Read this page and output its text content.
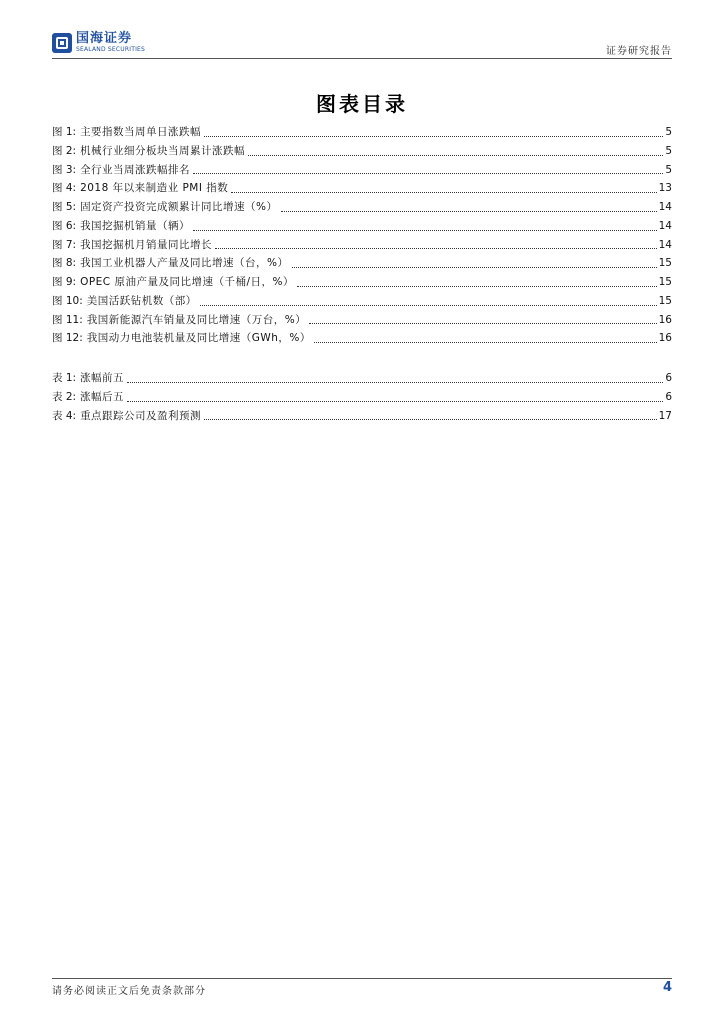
国海证券
SEALAND SECURITIES	证券研究报告
图表目录
图 1: 主要指数当周单日涨跌幅	5
图 2: 机械行业细分板块当周累计涨跌幅	5
图 3: 全行业当周涨跌幅排名	5
图 4: 2018 年以来制造业 PMI 指数	13
图 5: 固定资产投资完成额累计同比增速（%）	14
图 6: 我国挖掘机销量（辆）	14
图 7: 我国挖掘机月销量同比增长	14
图 8: 我国工业机器人产量及同比增速（台，%）	15
图 9: OPEC 原油产量及同比增速（千桶/日，%）	15
图 10: 美国活跃钻机数（部）	15
图 11: 我国新能源汽车销量及同比增速（万台，%）	16
图 12: 我国动力电池装机量及同比增速（GWh，%）	16
表 1: 涨幅前五	6
表 2: 涨幅后五	6
表 4: 重点跟踪公司及盈利预测	17
请务必阅读正文后免责条款部分	4
